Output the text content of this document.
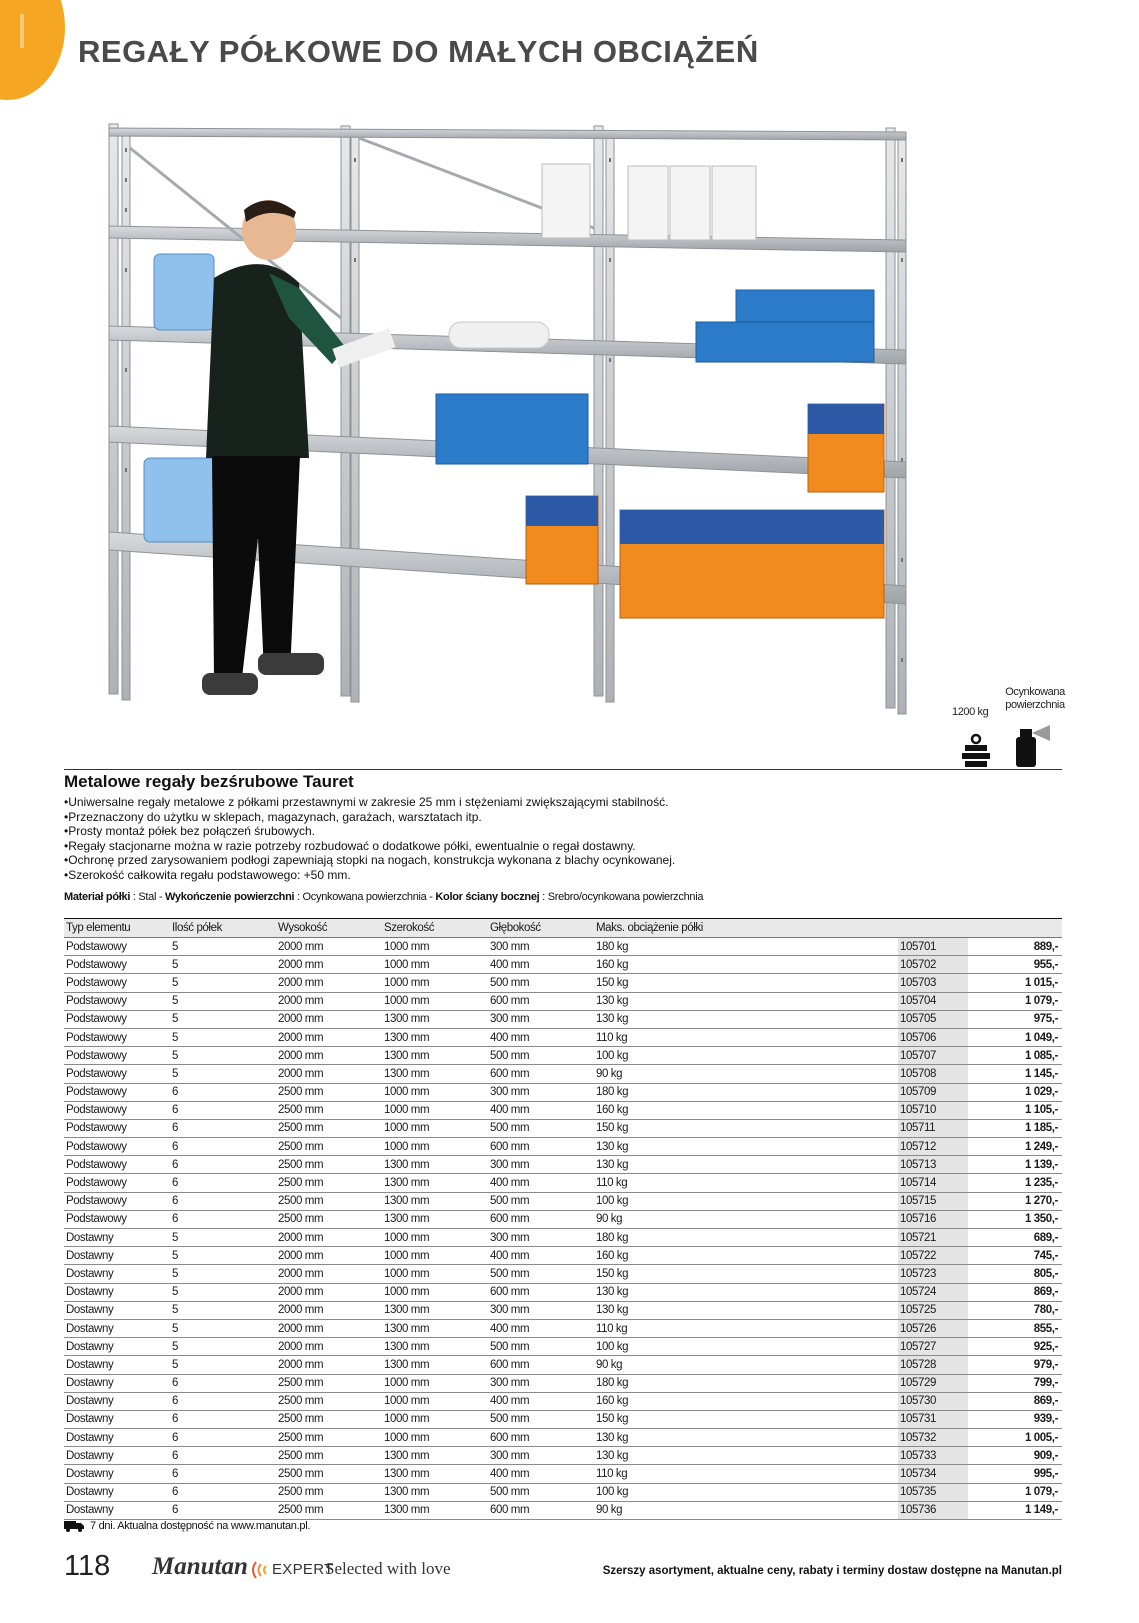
REGAŁY PÓŁKOWE DO MAŁYCH OBCIĄŻEŃ
1200 kg
Ocynkowana powierzchnia
Metalowe regały bezśrubowe Tauret
• Uniwersalne regały metalowe z półkami przestawnymi w zakresie 25 mm i stężeniami zwiększającymi stabilność.
• Przeznaczony do użytku w sklepach, magazynach, garażach, warsztatach itp.
• Prosty montaż półek bez połączeń śrubowych.
• Regały stacjonarne można w razie potrzeby rozbudować o dodatkowe półki, ewentualnie o regał dostawny.
• Ochronę przed zarysowaniem podłogi zapewniają stopki na nogach, konstrukcja wykonana z blachy ocynkowanej.
• Szerokość całkowita regału podstawowego: +50 mm.
Materiał półki : Stal - Wykończenie powierzchni : Ocynkowana powierzchnia - Kolor ściany bocznej : Srebro/ocynkowana powierzchnia
Typ elementu	Ilość półek	Wysokość	Szerokość	Głębokość	Maks. obciążenie półki		
Podstawowy	5	2000 mm	1000 mm	300 mm	180 kg	105701	889,-
Podstawowy	5	2000 mm	1000 mm	400 mm	160 kg	105702	955,-
Podstawowy	5	2000 mm	1000 mm	500 mm	150 kg	105703	1 015,-
Podstawowy	5	2000 mm	1000 mm	600 mm	130 kg	105704	1 079,-
Podstawowy	5	2000 mm	1300 mm	300 mm	130 kg	105705	975,-
Podstawowy	5	2000 mm	1300 mm	400 mm	110 kg	105706	1 049,-
Podstawowy	5	2000 mm	1300 mm	500 mm	100 kg	105707	1 085,-
Podstawowy	5	2000 mm	1300 mm	600 mm	90 kg	105708	1 145,-
Podstawowy	6	2500 mm	1000 mm	300 mm	180 kg	105709	1 029,-
Podstawowy	6	2500 mm	1000 mm	400 mm	160 kg	105710	1 105,-
Podstawowy	6	2500 mm	1000 mm	500 mm	150 kg	105711	1 185,-
Podstawowy	6	2500 mm	1000 mm	600 mm	130 kg	105712	1 249,-
Podstawowy	6	2500 mm	1300 mm	300 mm	130 kg	105713	1 139,-
Podstawowy	6	2500 mm	1300 mm	400 mm	110 kg	105714	1 235,-
Podstawowy	6	2500 mm	1300 mm	500 mm	100 kg	105715	1 270,-
Podstawowy	6	2500 mm	1300 mm	600 mm	90 kg	105716	1 350,-
Dostawny	5	2000 mm	1000 mm	300 mm	180 kg	105721	689,-
Dostawny	5	2000 mm	1000 mm	400 mm	160 kg	105722	745,-
Dostawny	5	2000 mm	1000 mm	500 mm	150 kg	105723	805,-
Dostawny	5	2000 mm	1000 mm	600 mm	130 kg	105724	869,-
Dostawny	5	2000 mm	1300 mm	300 mm	130 kg	105725	780,-
Dostawny	5	2000 mm	1300 mm	400 mm	110 kg	105726	855,-
Dostawny	5	2000 mm	1300 mm	500 mm	100 kg	105727	925,-
Dostawny	5	2000 mm	1300 mm	600 mm	90 kg	105728	979,-
Dostawny	6	2500 mm	1000 mm	300 mm	180 kg	105729	799,-
Dostawny	6	2500 mm	1000 mm	400 mm	160 kg	105730	869,-
Dostawny	6	2500 mm	1000 mm	500 mm	150 kg	105731	939,-
Dostawny	6	2500 mm	1000 mm	600 mm	130 kg	105732	1 005,-
Dostawny	6	2500 mm	1300 mm	300 mm	130 kg	105733	909,-
Dostawny	6	2500 mm	1300 mm	400 mm	110 kg	105734	995,-
Dostawny	6	2500 mm	1300 mm	500 mm	100 kg	105735	1 079,-
Dostawny	6	2500 mm	1300 mm	600 mm	90 kg	105736	1 149,-
7 dni. Aktualna dostępność na www.manutan.pl.
118 Manutan EXPERT
Selected with love	Szerszy asortyment, aktualne ceny, rabaty i terminy dostaw dostępne na Manutan.pl
